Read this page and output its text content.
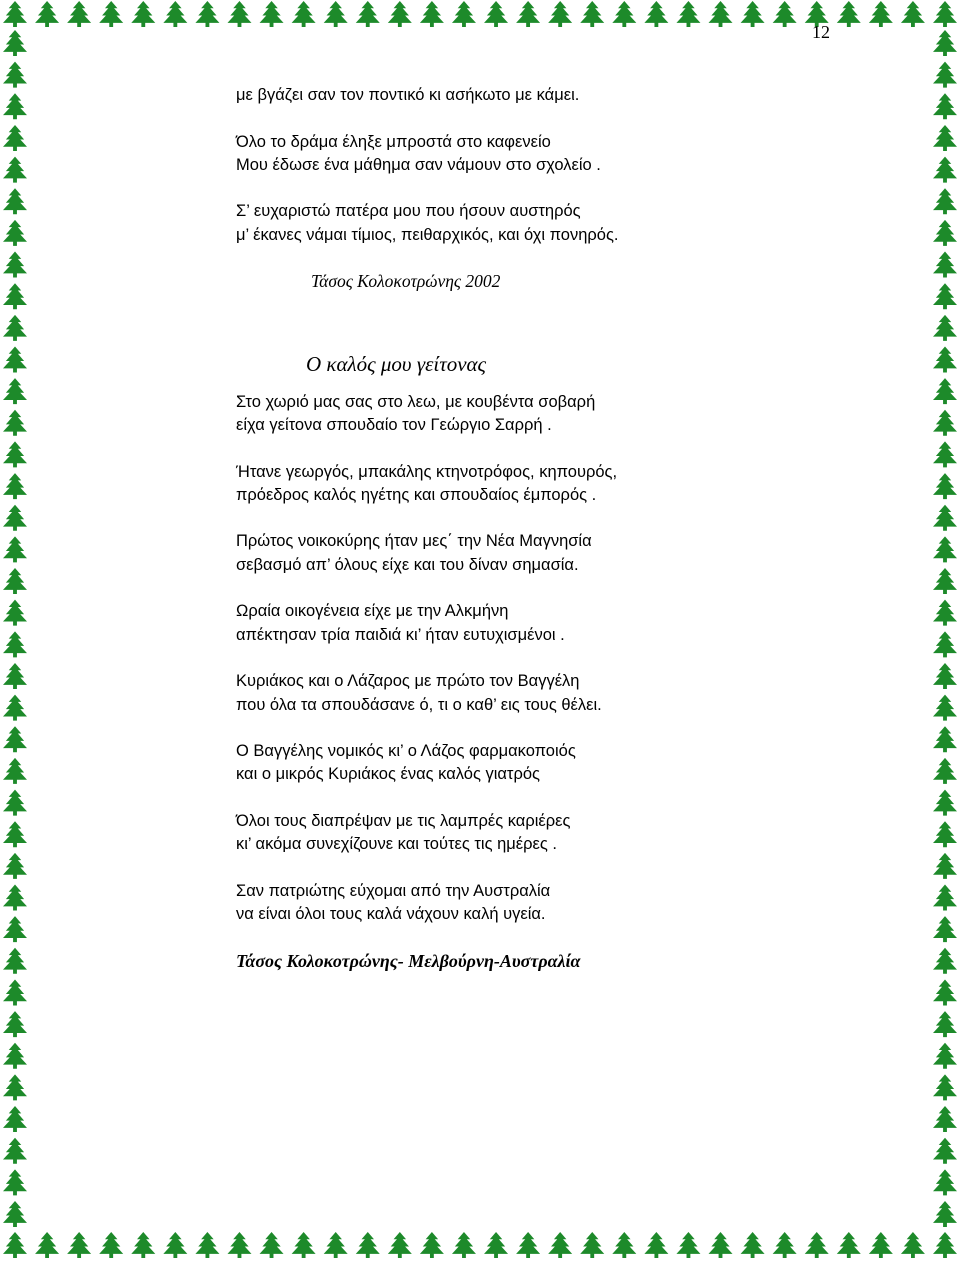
12
με βγάζει σαν τον ποντικό κι ασήκωτο με κάμει.
Όλο το δράμα έληξε μπροστά στο καφενείο
Μου έδωσε ένα μάθημα σαν νάμουν στο σχολείο .
Σ’ ευχαριστώ πατέρα μου που ήσουν αυστηρός
μ’ έκανες νάμαι τίμιος, πειθαρχικός, και όχι πονηρός.
Τάσος Κολοκοτρώνης 2002
Ο καλός μου γείτονας
Στο χωριό μας σας στο λεω, με κουβέντα σοβαρή
είχα γείτονα σπουδαίο τον Γεώργιο Σαρρή .
Ήτανε γεωργός, μπακάλης κτηνοτρόφος, κηπουρός,
πρόεδρος καλός ηγέτης και σπουδαίος έμπορός .
Πρώτος νοικοκύρης ήταν μες΄ την Νέα Μαγνησία
σεβασμό απ’ όλους είχε και του δίναν σημασία.
Ωραία οικογένεια είχε με την Αλκμήνη
απέκτησαν τρία παιδιά κι’ ήταν ευτυχισμένοι .
Κυριάκος και ο Λάζαρος με πρώτο τον Βαγγέλη
που όλα τα σπουδάσανε ό, τι ο καθ’ εις τους θέλει.
Ο Βαγγέλης νομικός κι’ ο Λάζος φαρμακοποιός
και ο μικρός Κυριάκος ένας καλός γιατρός
Όλοι τους διαπρέψαν με τις λαμπρές καριέρες
κι’ ακόμα συνεχίζουνε και τούτες τις ημέρες .
Σαν πατριώτης εύχομαι από την Αυστραλία
να είναι όλοι τους καλά νάχουν καλή υγεία.
Τάσος Κολοκοτρώνης- Μελβούρνη-Αυστραλία
